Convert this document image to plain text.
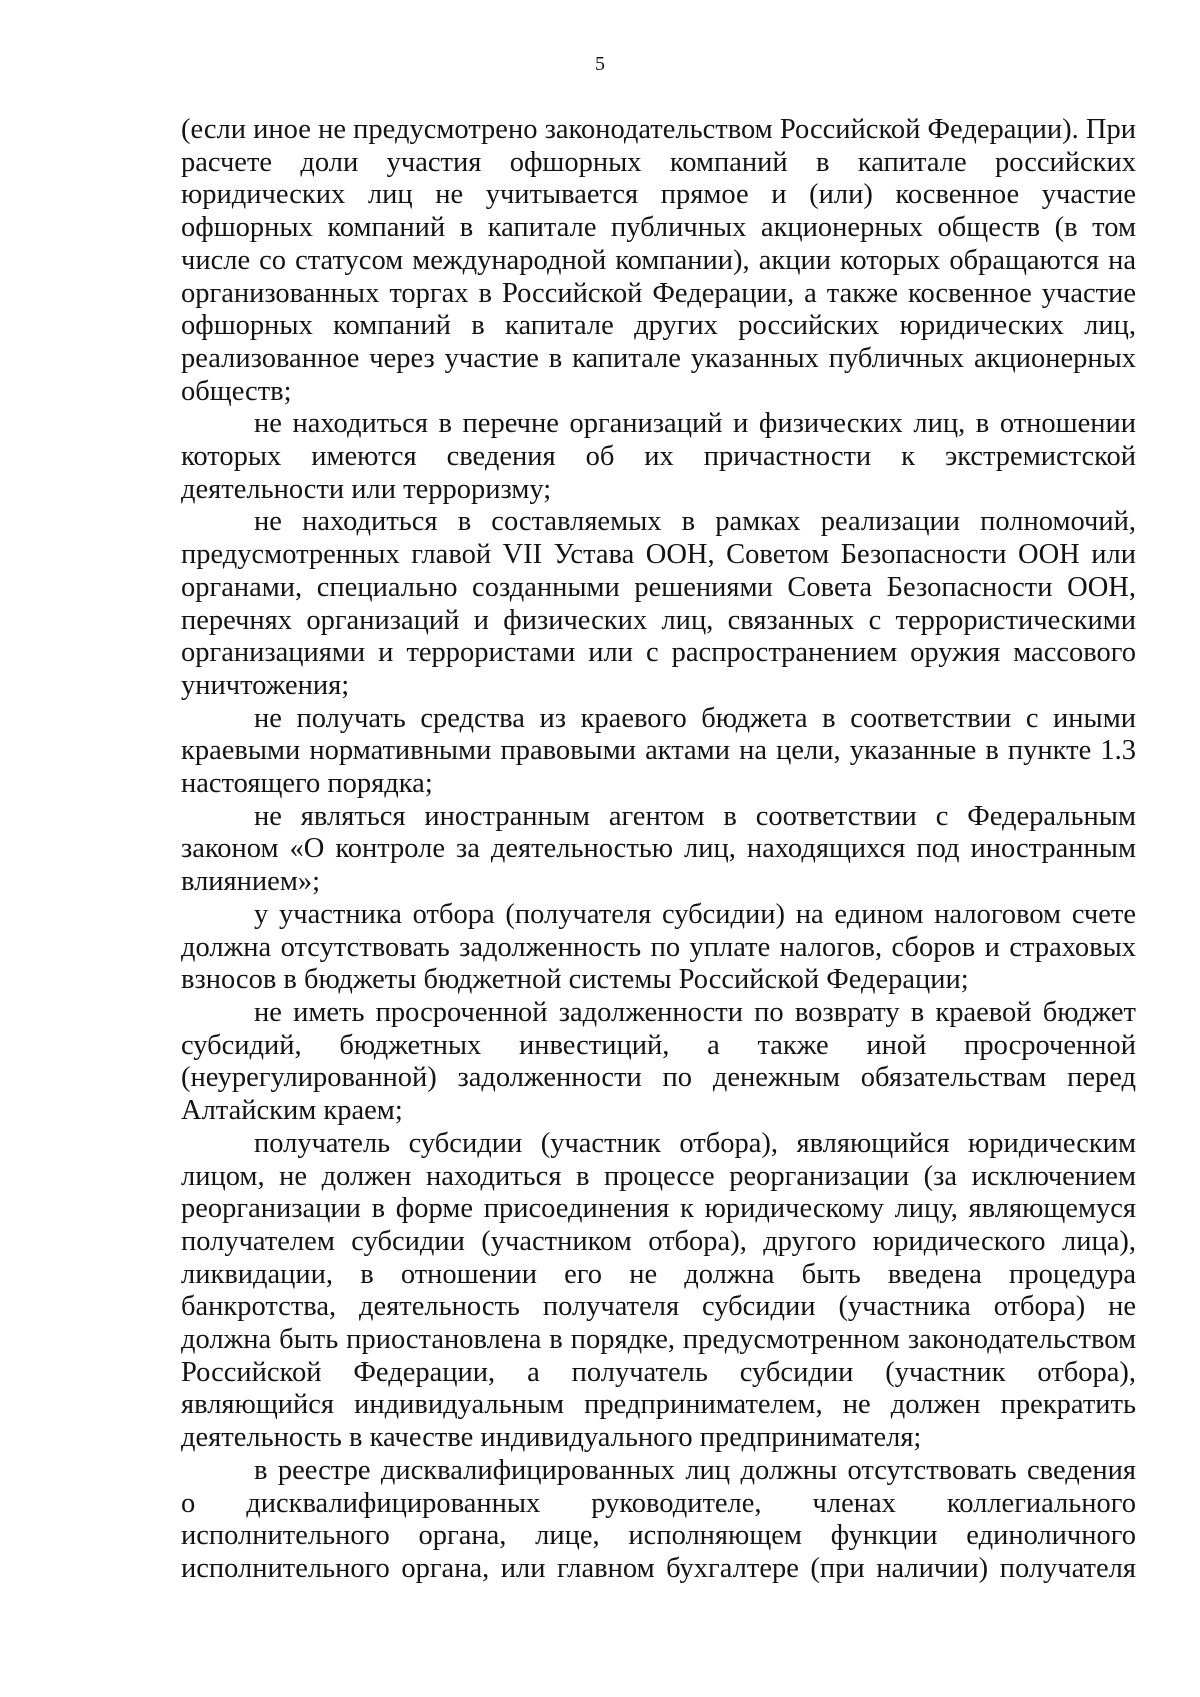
5

(если иное не предусмотрено законодательством Российской Федерации). При расчете доли участия офшорных компаний в капитале российских юридических лиц не учитывается прямое и (или) косвенное участие офшорных компаний в капитале публичных акционерных обществ (в том числе со статусом международной компании), акции которых обращаются на организованных торгах в Российской Федерации, а также косвенное участие офшорных компаний в капитале других российских юридических лиц, реализованное через участие в капитале указанных публичных акционерных обществ;

не находиться в перечне организаций и физических лиц, в отношении которых имеются сведения об их причастности к экстремистской деятельности или терроризму;

не находиться в составляемых в рамках реализации полномочий, предусмотренных главой VII Устава ООН, Советом Безопасности ООН или органами, специально созданными решениями Совета Безопасности ООН, перечнях организаций и физических лиц, связанных с террористическими организациями и террористами или с распространением оружия массового уничтожения;

не получать средства из краевого бюджета в соответствии с иными краевыми нормативными правовыми актами на цели, указанные в пункте 1.3 настоящего порядка;

не являться иностранным агентом в соответствии с Федеральным законом «О контроле за деятельностью лиц, находящихся под иностранным влиянием»;

у участника отбора (получателя субсидии) на едином налоговом счете должна отсутствовать задолженность по уплате налогов, сборов и страховых взносов в бюджеты бюджетной системы Российской Федерации;

не иметь просроченной задолженности по возврату в краевой бюджет субсидий, бюджетных инвестиций, а также иной просроченной (неурегулированной) задолженности по денежным обязательствам перед Алтайским краем;

получатель субсидии (участник отбора), являющийся юридическим лицом, не должен находиться в процессе реорганизации (за исключением реорганизации в форме присоединения к юридическому лицу, являющемуся получателем субсидии (участником отбора), другого юридического лица), ликвидации, в отношении его не должна быть введена процедура банкротства, деятельность получателя субсидии (участника отбора) не должна быть приостановлена в порядке, предусмотренном законодательством Российской Федерации, а получатель субсидии (участник отбора), являющийся индивидуальным предпринимателем, не должен прекратить деятельность в качестве индивидуального предпринимателя;

в реестре дисквалифицированных лиц должны отсутствовать сведения о дисквалифицированных руководителе, членах коллегиального исполнительного органа, лице, исполняющем функции единоличного исполнительного органа, или главном бухгалтере (при наличии) получателя
